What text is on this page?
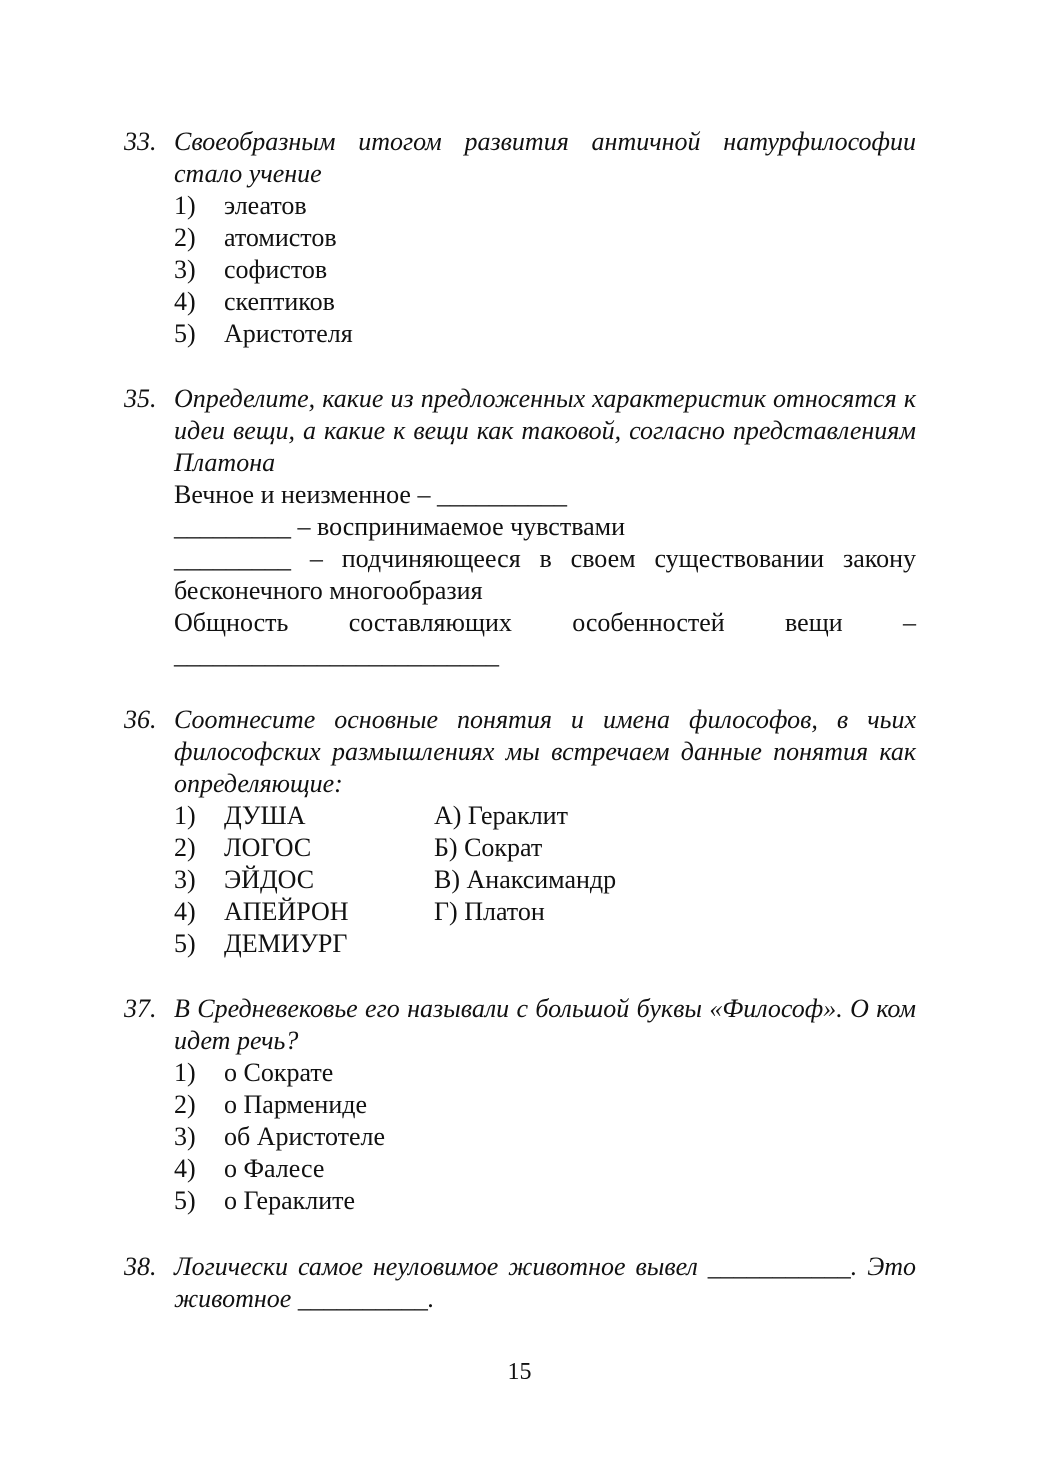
33. Своеобразным итогом развития античной натурфилософии стало учение
1)	элеатов
2)	атомистов
3)	софистов
4)	скептиков
5)	Аристотеля
35. Определите, какие из предложенных характеристик относятся к идеи вещи, а какие к вещи как таковой, согласно представлениям Платона
Вечное и неизменное – __________
_________ – воспринимаемое чувствами
_________ – подчиняющееся в своем существовании закону бесконечного многообразия
Общность составляющих особенностей вещи –
_________________________
36. Соотнесите основные понятия и имена философов, в чьих философских размышлениях мы встречаем данные понятия как определяющие:
1)	ДУША	А) Гераклит
2)	ЛОГОС	Б) Сократ
3)	ЭЙДОС	В) Анаксимандр
4)	АПЕЙРОН	Г) Платон
5)	ДЕМИУРГ
37. В Средневековье его называли с большой буквы «Философ». О ком идет речь?
1)	о Сократе
2)	о Пармениде
3)	об Аристотеле
4)	о Фалесе
5)	о Гераклите
38. Логически самое неуловимое животное вывел ___________. Это животное __________.
15
